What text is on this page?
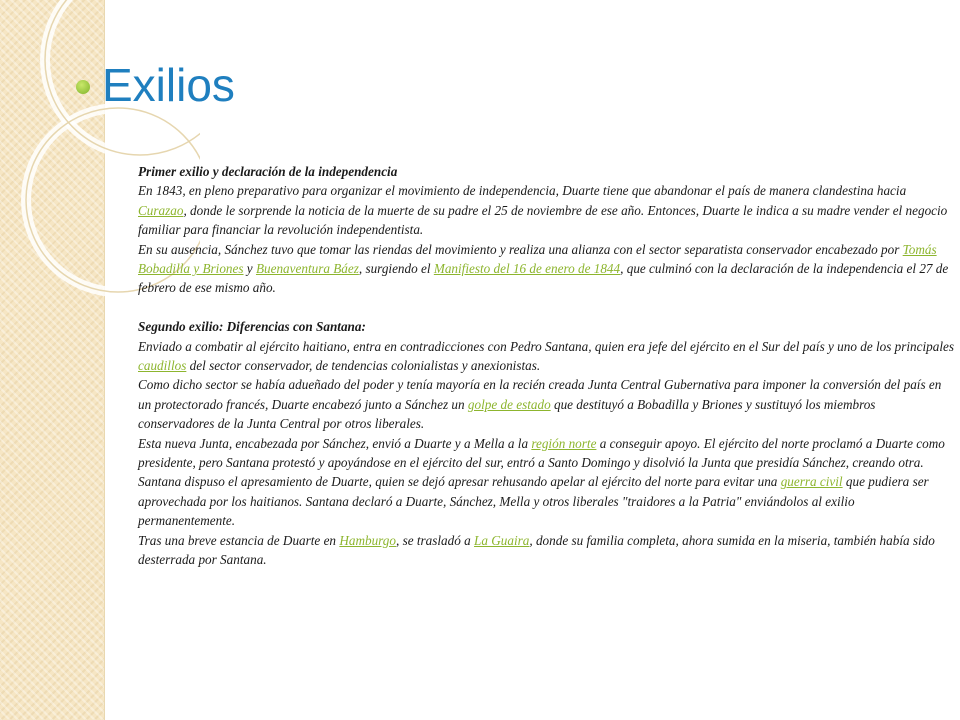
Exilios

Primer exilio y declaración de la independencia

En 1843, en pleno preparativo para organizar el movimiento de independencia, Duarte tiene que abandonar el país de manera clandestina hacia Curazao, donde le sorprende la noticia de la muerte de su padre el 25 de noviembre de ese año. Entonces, Duarte le indica a su madre vender el negocio familiar para financiar la revolución independentista.

En su ausencia, Sánchez tuvo que tomar las riendas del movimiento y realiza una alianza con el sector separatista conservador encabezado por Tomás Bobadilla y Briones y Buenaventura Báez, surgiendo el Manifiesto del 16 de enero de 1844, que culminó con la declaración de la independencia el 27 de febrero de ese mismo año.

Segundo exilio: Diferencias con Santana:

Enviado a combatir al ejército haitiano, entra en contradicciones con Pedro Santana, quien era jefe del ejército en el Sur del país y uno de los principales caudillos del sector conservador, de tendencias colonialistas y anexionistas.

Como dicho sector se había adueñado del poder y tenía mayoría en la recién creada Junta Central Gubernativa para imponer la conversión del país en un protectorado francés, Duarte encabezó junto a Sánchez un golpe de estado que destituyó a Bobadilla y Briones y sustituyó los miembros conservadores de la Junta Central por otros liberales.

Esta nueva Junta, encabezada por Sánchez, envió a Duarte y a Mella a la región norte a conseguir apoyo. El ejército del norte proclamó a Duarte como presidente, pero Santana protestó y apoyándose en el ejército del sur, entró a Santo Domingo y disolvió la Junta que presidía Sánchez, creando otra.

Santana dispuso el apresamiento de Duarte, quien se dejó apresar rehusando apelar al ejército del norte para evitar una guerra civil que pudiera ser aprovechada por los haitianos. Santana declaró a Duarte, Sánchez, Mella y otros liberales "traidores a la Patria" enviándolos al exilio permanentemente.

Tras una breve estancia de Duarte en Hamburgo, se trasladó a La Guaira, donde su familia completa, ahora sumida en la miseria, también había sido desterrada por Santana.
